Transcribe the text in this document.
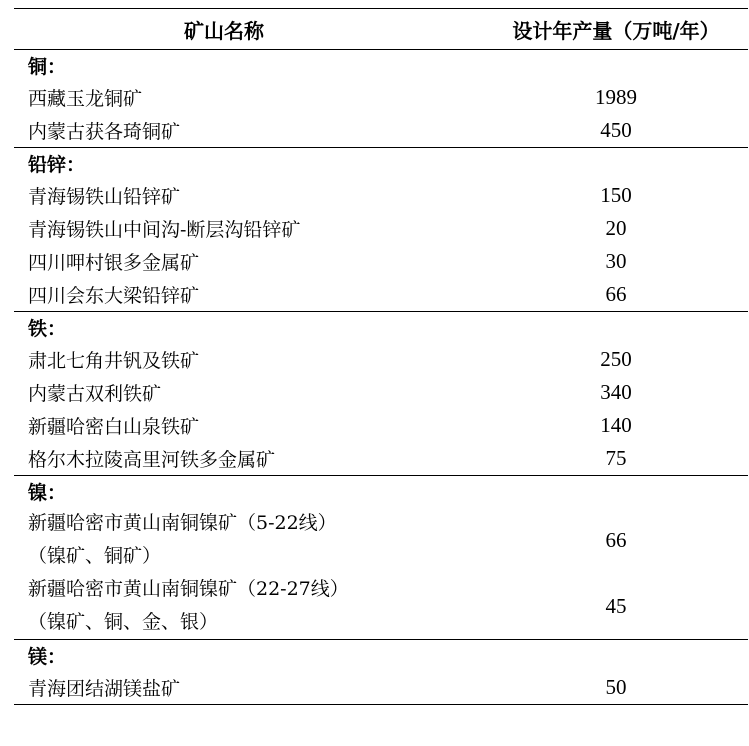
矿山名称	设计年产量（万吨/年）
铜：	
西藏玉龙铜矿	1989
内蒙古获各琦铜矿	450
铅锌：	
青海锡铁山铅锌矿	150
青海锡铁山中间沟-断层沟铅锌矿	20
四川呷村银多金属矿	30
四川会东大梁铅锌矿	66
铁：	
肃北七角井钒及铁矿	250
内蒙古双利铁矿	340
新疆哈密白山泉铁矿	140
格尔木拉陵高里河铁多金属矿	75
镍：	

新疆哈密市黄山南铜镍矿（5-22线）
（镍矿、铜矿）	66

新疆哈密市黄山南铜镍矿（22-27线）
（镍矿、铜、金、银）	45
镁：	
青海团结湖镁盐矿	50
